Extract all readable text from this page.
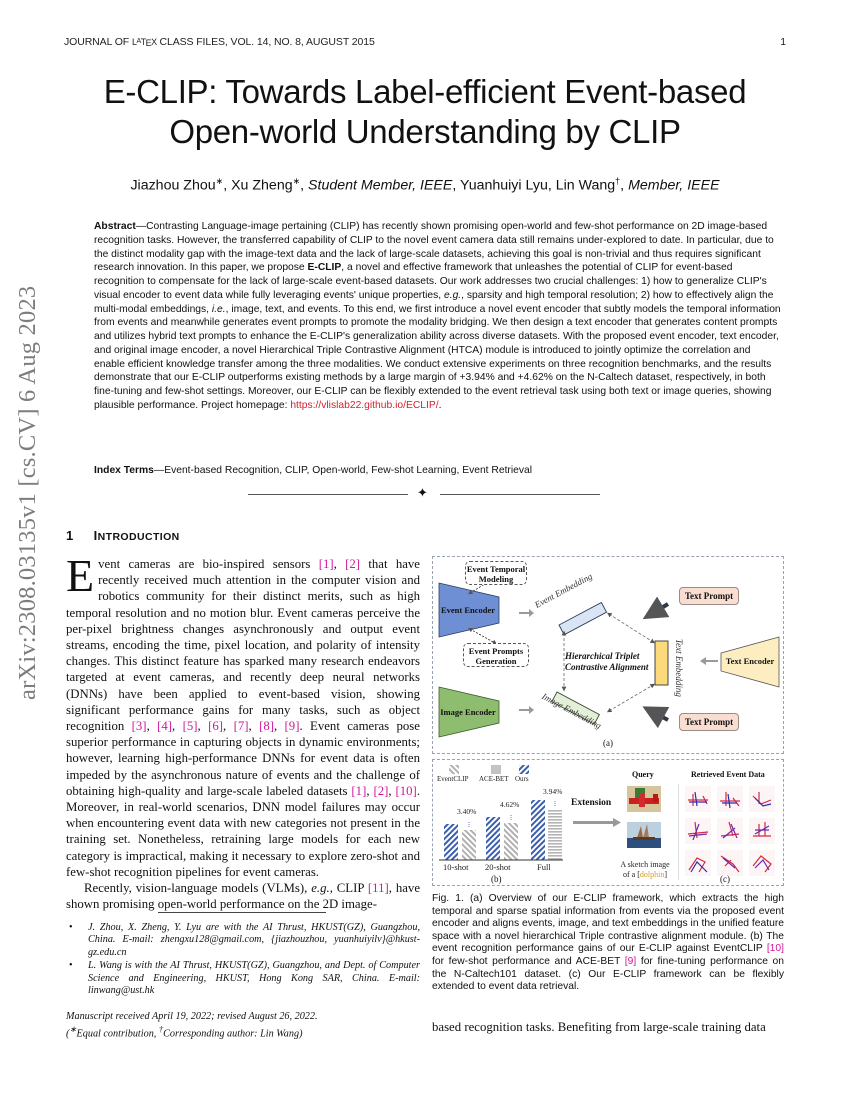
JOURNAL OF $L^AT_EX$ CLASS FILES, VOL. 14, NO. 8, AUGUST 2015	1
arXiv:2308.03135v1 [cs.CV] 6 Aug 2023
E-CLIP: Towards Label-efficient Event-based
Open-world Understanding by CLIP
Jiazhou Zhou∗, Xu Zheng∗, Student Member, IEEE, Yuanhuiyi Lyu, Lin Wang†, Member, IEEE
Abstract—Contrasting Language-image pertaining (CLIP) has recently shown promising open-world and few-shot performance on 2D image-based recognition tasks. However, the transferred capability of CLIP to the novel event camera data still remains under-explored to date. In particular, due to the distinct modality gap with the image-text data and the lack of large-scale datasets, achieving this goal is non-trivial and thus requires significant research innovation. In this paper, we propose E-CLIP, a novel and effective framework that unleashes the potential of CLIP for event-based recognition to compensate for the lack of large-scale event-based datasets. Our work addresses two crucial challenges: 1) how to generalize CLIP's visual encoder to event data while fully leveraging events' unique properties, e.g., sparsity and high temporal resolution; 2) how to effectively align the multi-modal embeddings, i.e., image, text, and events. To this end, we first introduce a novel event encoder that subtly models the temporal information from events and meanwhile generates event prompts to promote the modality bridging. We then design a text encoder that generates content prompts and utilizes hybrid text prompts to enhance the E-CLIP's generalization ability across diverse datasets. With the proposed event encoder, text encoder, and original image encoder, a novel Hierarchical Triple Contrastive Alignment (HTCA) module is introduced to jointly optimize the correlation and enable efficient knowledge transfer among the three modalities. We conduct extensive experiments on three recognition benchmarks, and the results demonstrate that our E-CLIP outperforms existing methods by a large margin of +3.94% and +4.62% on the N-Caltech dataset, respectively, in both fine-tuning and few-shot settings. Moreover, our E-CLIP can be flexibly extended to the event retrieval task using both text or image queries, showing plausible performance. Project homepage: https://vlislab22.github.io/ECLIP/.
Index Terms—Event-based Recognition, CLIP, Open-world, Few-shot Learning, Event Retrieval
✦
1 INTRODUCTION

Event cameras are bio-inspired sensors [1], [2] that have recently received much attention in the computer vision and robotics community for their distinct merits, such as high temporal resolution and no motion blur. Event cameras perceive the per-pixel brightness changes asynchronously and output event streams, encoding the time, pixel location, and polarity of intensity changes. This distinct feature has sparked many research endeavors targeted at event cameras, and recently deep neural networks (DNNs) have been applied to event-based vision, showing significant performance gains for many tasks, such as object recognition [3], [4], [5], [6], [7], [8], [9]. Event cameras pose superior performance in capturing objects in dynamic environments; however, learning high-performance DNNs for event data is often impeded by the asynchronous nature of events and the challenge of obtaining high-quality and large-scale labeled datasets [1], [2], [10]. Moreover, in real-world scenarios, DNN model failures may occur when encountering event data with new categories not present in the training set. Nonetheless, retraining large models for each new category is impractical, making it necessary to explore zero-shot and few-shot recognition pipelines for event cameras.

Recently, vision-language models (VLMs), e.g., CLIP [11], have shown promising open-world performance on the 2D image-

• J. Zhou, X. Zheng, Y. Lyu are with the AI Thrust, HKUST(GZ), Guangzhou, China. E-mail: zhengxu128@gmail.com, {jiazhouzhou, yuanhuiyilv}@hkust-gz.edu.cn
• L. Wang is with the AI Thrust, HKUST(GZ), Guangzhou, and Dept. of Computer Science and Engineering, HKUST, Hong Kong SAR, China. E-mail: linwang@ust.hk
Manuscript received April 19, 2022; revised August 26, 2022.
(∗Equal contribution, †Corresponding author: Lin Wang)
Event Temporal
Modeling
Event Prompts
Generation
Event Encoder
Image Encoder
Text Encoder
Event Embedding
Image Embedding
Text Embedding
Hierarchical Triplet
Contrastive Alignment
Text Prompt
Text Prompt
(a)
EventCLIP ACE-BET Ours
3.40%
4.62%
3.94%
10-shot 20-shot	Full
(b)
Extension
Query
A sketch image
of a [dolphin]
Retrieved Event Data
(c)
Fig. 1. (a) Overview of our E-CLIP framework, which extracts the high temporal and sparse spatial information from events via the proposed event encoder and aligns events, image, and text embeddings in the unified feature space with a novel hierarchical Triple contrastive alignment module. (b) The event recognition performance gains of our E-CLIP against EventCLIP [10] for few-shot performance and ACE-BET [9] for fine-tuning performance on the N-Caltech101 dataset. (c) Our E-CLIP framework can be flexibly extended to event data retrieval.
based recognition tasks. Benefiting from large-scale training data
